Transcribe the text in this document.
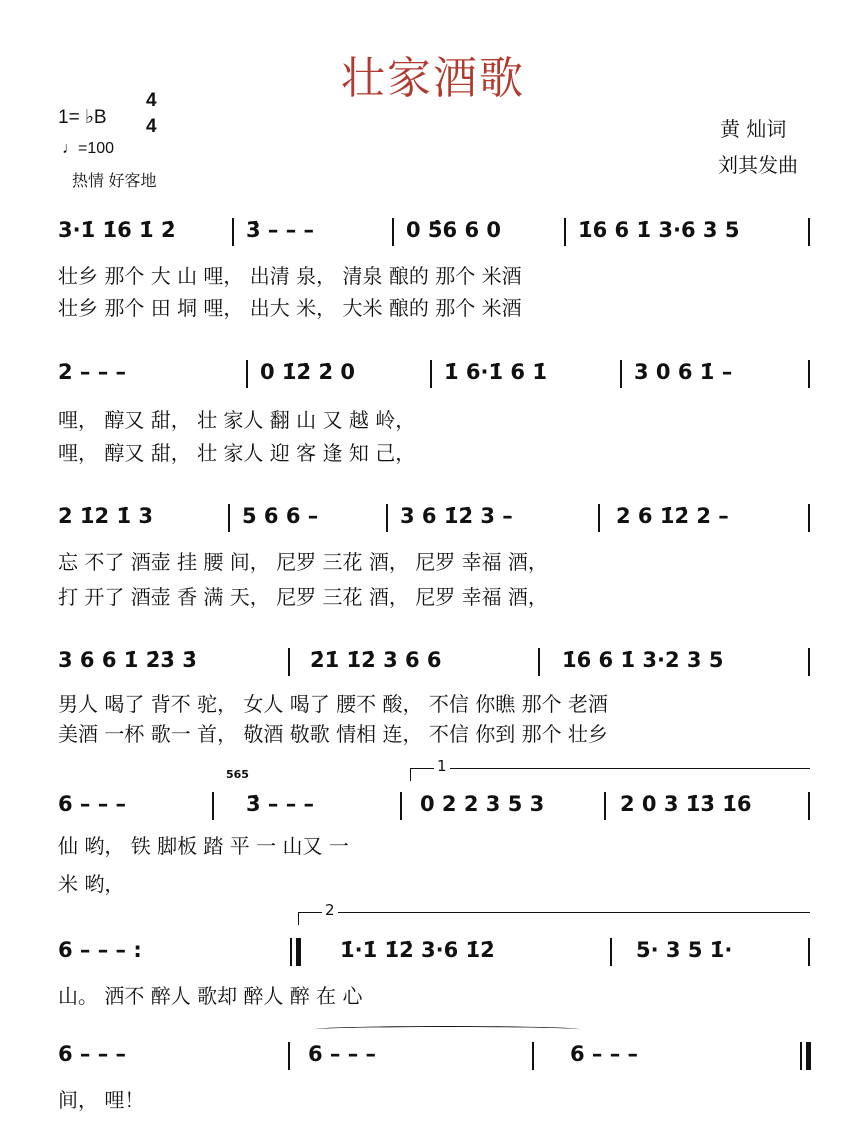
壮家酒歌
1= ♭B
4
4
♩=100
热情 好客地
黄 灿词
刘其发曲
3·1̇ 1̇6 1̇ 2̇	3̇ – – –	0 5̂6 6 0	1̇6 6 1̇ 3·6 3 5
壮乡 那个 大 山 哩， 出清 泉， 清泉 酿的 那个 米酒
壮乡 那个 田 垌 哩， 出大 米， 大米 酿的 那个 米酒
2 – – –	0 1̇2̇ 2̇ 0	1̇ 6·1̇ 6 1̇	3 0 6 1̇ –
哩， 醇又 甜， 壮 家人 翻 山 又 越 岭，
哩， 醇又 甜， 壮 家人 迎 客 逢 知 己，
2 1̇2 1̇ 3	5 6 6 –	3 6 1̇2̇ 3 –	2 6 1̇2̇ 2 –
忘 不了 酒壶 挂 腰 间， 尼罗 三花 酒， 尼罗 幸福 酒，
打 开了 酒壶 香 满 天， 尼罗 三花 酒， 尼罗 幸福 酒，
3 6 6 1̇ 2̇3̇ 3̇	2̇1̇ 1̇2̇ 3 6 6	1̇6 6 1̇ 3·2 3 5
男人 喝了 背不 驼， 女人 喝了 腰不 酸， 不信 你瞧 那个 老酒
美酒 一杯 歌一 首， 敬酒 敬歌 情相 连， 不信 你到 那个 壮乡
1
565
6 – – –	3̇ – – –	0 2 2 3 5 3	2 0 3 1̇3̇ 1̇6
仙 哟， 铁 脚板 踏 平 一 山又 一
米 哟，
2
6 – – – :	1̇·1̇ 1̇2̇ 3·6 1̇2̇	5· 3 5 1̇·
山。 洒不 醉人 歌却 醉人 醉 在 心
6 – – –	6 – – –	6 – – –
间， 哩！
